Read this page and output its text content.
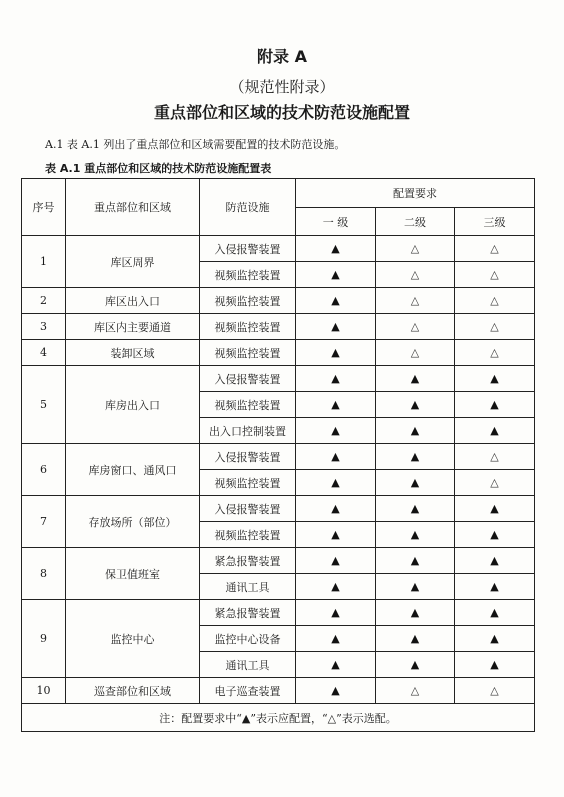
附录 A
（规范性附录）
重点部位和区域的技术防范设施配置
A.1 表 A.1 列出了重点部位和区域需要配置的技术防范设施。
表 A.1 重点部位和区域的技术防范设施配置表
序号	重点部位和区域	防范设施	配置要求		
			一 级	二级	三级
1	库区周界	入侵报警装置	▲	△	△
		视频监控装置	▲	△	△
2	库区出入口	视频监控装置	▲	△	△
3	库区内主要通道	视频监控装置	▲	△	△
4	装卸区域	视频监控装置	▲	△	△
5	库房出入口	入侵报警装置	▲	▲	▲
		视频监控装置	▲	▲	▲
		出入口控制装置	▲	▲	▲
6	库房窗口、通风口	入侵报警装置	▲	▲	△
		视频监控装置	▲	▲	△
7	存放场所（部位）	入侵报警装置	▲	▲	▲
		视频监控装置	▲	▲	▲
8	保卫值班室	紧急报警装置	▲	▲	▲
		通讯工具	▲	▲	▲
9	监控中心	紧急报警装置	▲	▲	▲
		监控中心设备	▲	▲	▲
		通讯工具	▲	▲	▲
10	巡查部位和区域	电子巡查装置	▲	△	△
注：配置要求中“▲”表示应配置，“△”表示选配。					
